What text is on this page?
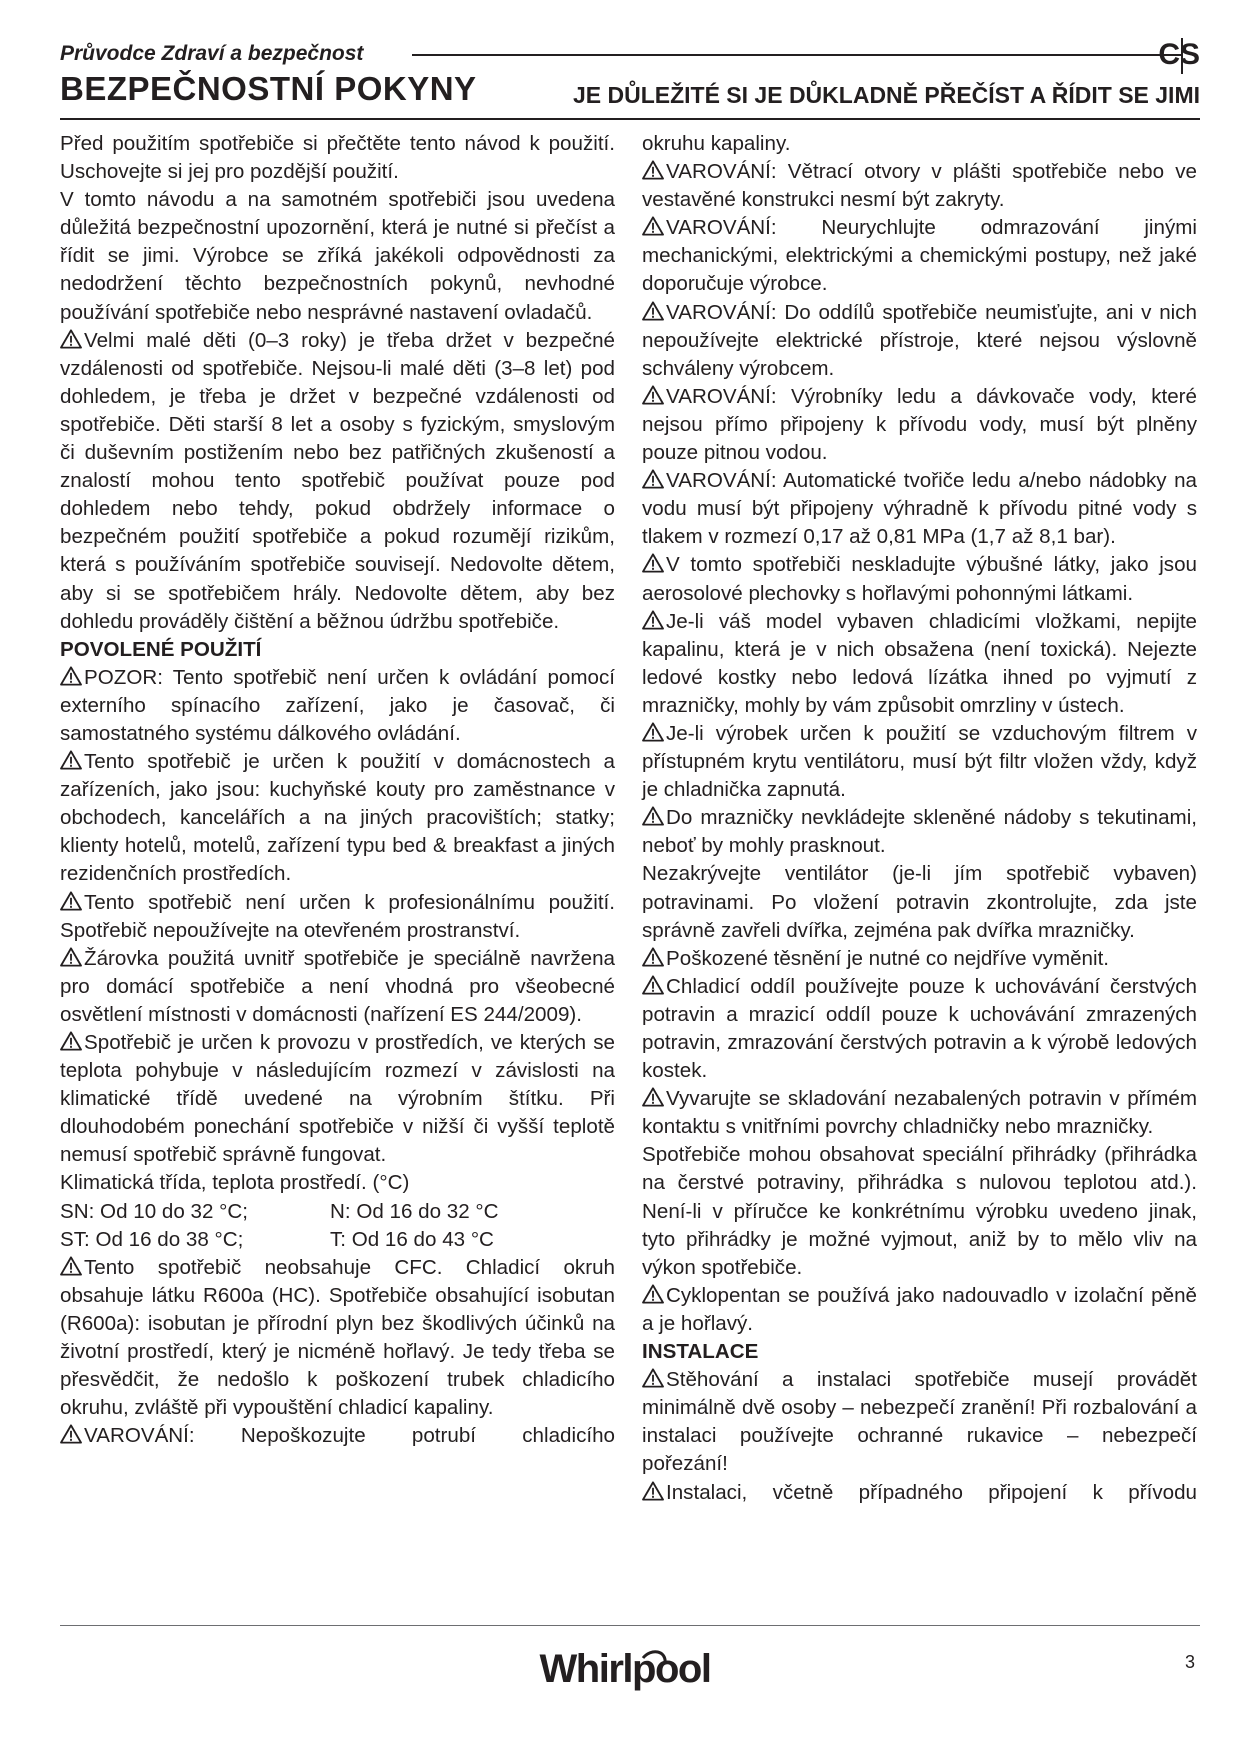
Průvodce Zdraví a bezpečnost	CS
BEZPEČNOSTNÍ POKYNY	JE DŮLEŽITÉ SI JE DŮKLADNĚ PŘEČÍST A ŘÍDIT SE JIMI

Před použitím spotřebiče si přečtěte tento návod k použití. Uschovejte si jej pro pozdější použití.

V tomto návodu a na samotném spotřebiči jsou uvedena důležitá bezpečnostní upozornění, která je nutné si přečíst a řídit se jimi. Výrobce se zříká jakékoli odpovědnosti za nedodržení těchto bezpečnostních pokynů, nevhodné používání spotřebiče nebo nesprávné nastavení ovladačů.

Velmi malé děti (0–3 roky) je třeba držet v bezpečné vzdálenosti od spotřebiče. Nejsou-li malé děti (3–8 let) pod dohledem, je třeba je držet v bezpečné vzdálenosti od spotřebiče. Děti starší 8 let a osoby s fyzickým, smyslovým či duševním postižením nebo bez patřičných zkušeností a znalostí mohou tento spotřebič používat pouze pod dohledem nebo tehdy, pokud obdržely informace o bezpečném použití spotřebiče a pokud rozumějí rizikům, která s používáním spotřebiče souvisejí. Nedovolte dětem, aby si se spotřebičem hrály. Nedovolte dětem, aby bez dohledu prováděly čištění a běžnou údržbu spotřebiče.

POVOLENÉ POUŽITÍ

POZOR: Tento spotřebič není určen k ovládání pomocí externího spínacího zařízení, jako je časovač, či samostatného systému dálkového ovládání.

Tento spotřebič je určen k použití v domácnostech a zařízeních, jako jsou: kuchyňské kouty pro zaměstnance v obchodech, kancelářích a na jiných pracovištích; statky; klienty hotelů, motelů, zařízení typu bed & breakfast a jiných rezidenčních prostředích.

Tento spotřebič není určen k profesionálnímu použití. Spotřebič nepoužívejte na otevřeném prostranství.

Žárovka použitá uvnitř spotřebiče je speciálně navržena pro domácí spotřebiče a není vhodná pro všeobecné osvětlení místnosti v domácnosti (nařízení ES 244/2009).

Spotřebič je určen k provozu v prostředích, ve kterých se teplota pohybuje v následujícím rozmezí v závislosti na klimatické třídě uvedené na výrobním štítku. Při dlouhodobém ponechání spotřebiče v nižší či vyšší teplotě nemusí spotřebič správně fungovat.

Klimatická třída, teplota prostředí. (°C)

SN: Od 10 do 32 °C;	N: Od 16 do 32 °C
ST: Od 16 do 38 °C;	T: Od 16 do 43 °C

Tento spotřebič neobsahuje CFC. Chladicí okruh obsahuje látku R600a (HC). Spotřebiče obsahující isobutan (R600a): isobutan je přírodní plyn bez škodlivých účinků na životní prostředí, který je nicméně hořlavý. Je tedy třeba se přesvědčit, že nedošlo k poškození trubek chladicího okruhu, zvláště při vypouštění chladicí kapaliny.

VAROVÁNÍ: Nepoškozujte potrubí chladicího

okruhu kapaliny.

VAROVÁNÍ: Větrací otvory v plášti spotřebiče nebo ve vestavěné konstrukci nesmí být zakryty.

VAROVÁNÍ: Neurychlujte odmrazování jinými mechanickými, elektrickými a chemickými postupy, než jaké doporučuje výrobce.

VAROVÁNÍ: Do oddílů spotřebiče neumisťujte, ani v nich nepoužívejte elektrické přístroje, které nejsou výslovně schváleny výrobcem.

VAROVÁNÍ: Výrobníky ledu a dávkovače vody, které nejsou přímo připojeny k přívodu vody, musí být plněny pouze pitnou vodou.

VAROVÁNÍ: Automatické tvořiče ledu a/nebo nádobky na vodu musí být připojeny výhradně k přívodu pitné vody s tlakem v rozmezí 0,17 až 0,81 MPa (1,7 až 8,1 bar).

V tomto spotřebiči neskladujte výbušné látky, jako jsou aerosolové plechovky s hořlavými pohonnými látkami.

Je-li váš model vybaven chladicími vložkami, nepijte kapalinu, která je v nich obsažena (není toxická). Nejezte ledové kostky nebo ledová lízátka ihned po vyjmutí z mrazničky, mohly by vám způsobit omrzliny v ústech.

Je-li výrobek určen k použití se vzduchovým filtrem v přístupném krytu ventilátoru, musí být filtr vložen vždy, když je chladnička zapnutá.

Do mrazničky nevkládejte skleněné nádoby s tekutinami, neboť by mohly prasknout.

Nezakrývejte ventilátor (je-li jím spotřebič vybaven) potravinami. Po vložení potravin zkontrolujte, zda jste správně zavřeli dvířka, zejména pak dvířka mrazničky.

Poškozené těsnění je nutné co nejdříve vyměnit.

Chladicí oddíl používejte pouze k uchovávání čerstvých potravin a mrazicí oddíl pouze k uchovávání zmrazených potravin, zmrazování čerstvých potravin a k výrobě ledových kostek.

Vyvarujte se skladování nezabalených potravin v přímém kontaktu s vnitřními povrchy chladničky nebo mrazničky.

Spotřebiče mohou obsahovat speciální přihrádky (přihrádka na čerstvé potraviny, přihrádka s nulovou teplotou atd.). Není-li v příručce ke konkrétnímu výrobku uvedeno jinak, tyto přihrádky je možné vyjmout, aniž by to mělo vliv na výkon spotřebiče.

Cyklopentan se používá jako nadouvadlo v izolační pěně a je hořlavý.

INSTALACE

Stěhování a instalaci spotřebiče musejí provádět minimálně dvě osoby – nebezpečí zranění! Při rozbalování a instalaci používejte ochranné rukavice – nebezpečí pořezání!

Instalaci, včetně případného připojení k přívodu

Whirlpool	3
